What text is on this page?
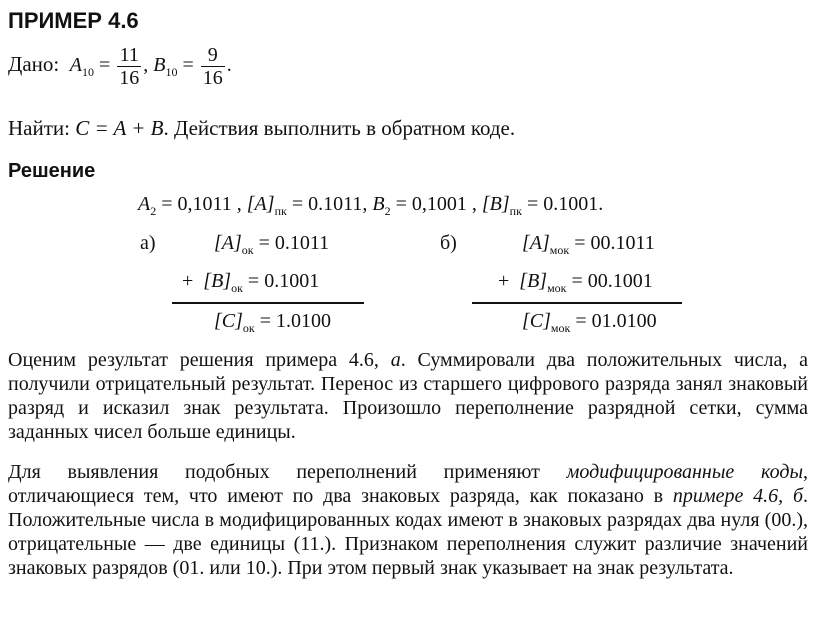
ПРИМЕР 4.6
Дано: $A_{10} = \frac{11}{16}$ , $B_{10} = \frac{9}{16}$ .
Найти: C = A + B. Действия выполнить в обратном коде.
Решение
$A_2 = 0,1011$ , $[A]_{пк} = 0.1011$, $B_2 = 0,1001$ , $[B]_{пк} = 0.1001$.
а)	$[A]_{ок} = 0.1011$
+ $[B]_{ок} = 0.1001$
$[C]_{ок} = 1.0100$
б)	$[A]_{мок} = 00.1011$
+ $[B]_{мок} = 00.1001$
$[C]_{мок} = 01.0100$
Оценим результат решения примера 4.6, а. Суммировали два положительных числа, а получили отрицательный результат. Перенос из старшего цифрового разряда занял знаковый разряд и исказил знак результата. Произошло переполнение разрядной сетки, сумма заданных чисел больше единицы.
Для выявления подобных переполнений применяют модифицированные коды, отличающиеся тем, что имеют по два знаковых разряда, как показано в примере 4.6, б. Положительные числа в модифицированных кодах имеют в знаковых разрядах два нуля (00.), отрицательные — две единицы (11.). Признаком переполнения служит различие значений знаковых разрядов (01. или 10.). При этом первый знак указывает на знак результата.
